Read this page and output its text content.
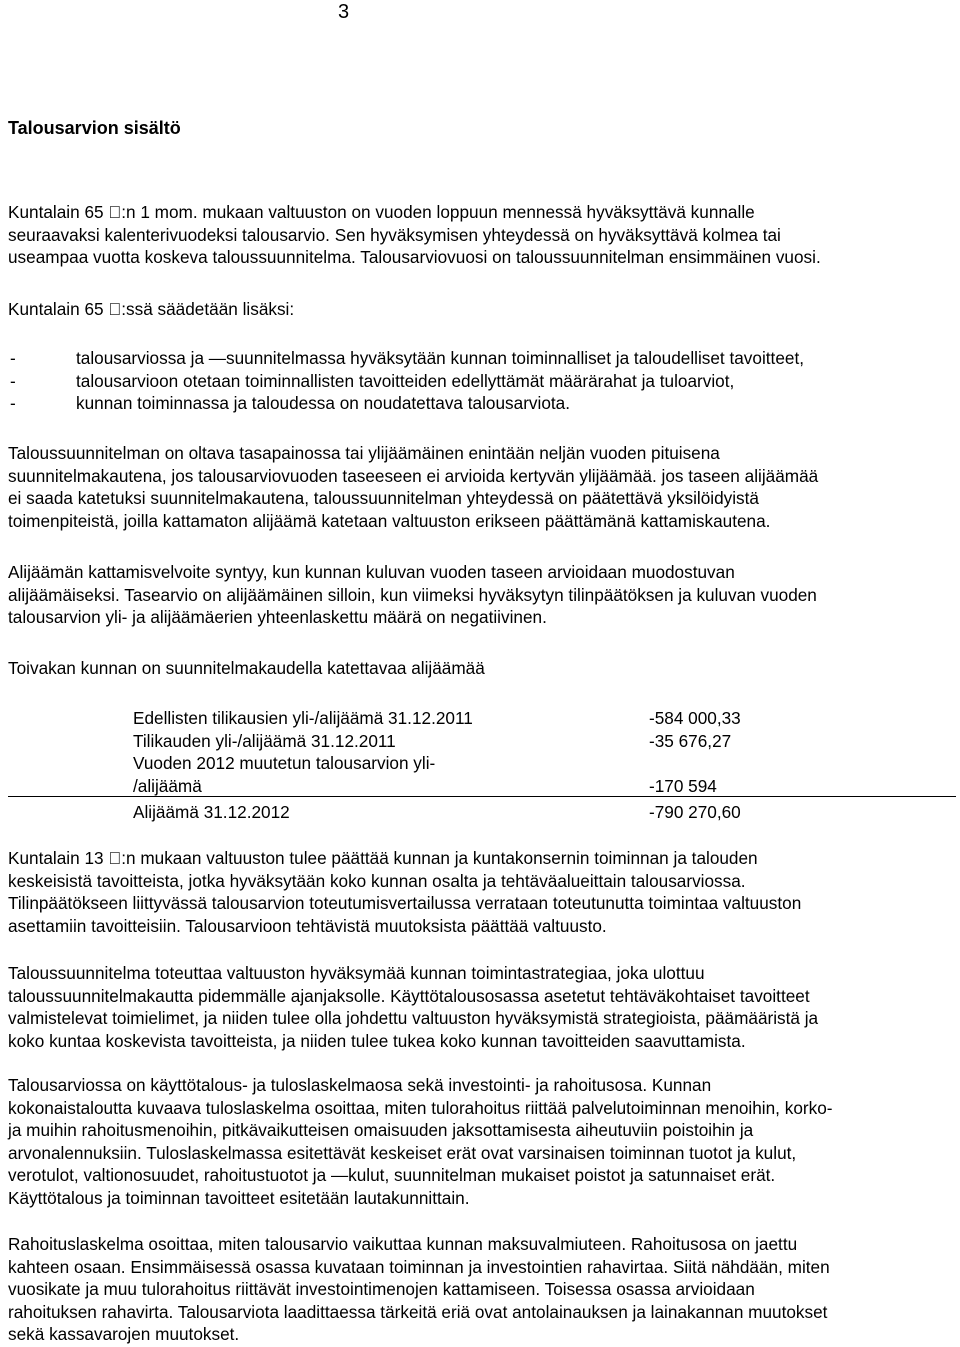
3
Talousarvion sisältö
Kuntalain 65 :n 1 mom. mukaan valtuuston on vuoden loppuun mennessä hyväksyttävä kunnalle
seuraavaksi kalenterivuodeksi talousarvio. Sen hyväksymisen yhteydessä on hyväksyttävä kolmea tai
useampaa vuotta koskeva taloussuunnitelma. Talousarviovuosi on taloussuunnitelman ensimmäinen vuosi.
Kuntalain 65 :ssä säädetään lisäksi:
-	talousarviossa ja —suunnitelmassa hyväksytään kunnan toiminnalliset ja taloudelliset tavoitteet,
-	talousarvioon otetaan toiminnallisten tavoitteiden edellyttämät määrärahat ja tuloarviot,
-	kunnan toiminnassa ja taloudessa on noudatettava talousarviota.
Taloussuunnitelman on oltava tasapainossa tai ylijäämäinen enintään neljän vuoden pituisena
suunnitelmakautena, jos talousarviovuoden taseeseen ei arvioida kertyvän ylijäämää. jos taseen alijäämää
ei saada katetuksi suunnitelmakautena, taloussuunnitelman yhteydessä on päätettävä yksilöidyistä
toimenpiteistä, joilla kattamaton alijäämä katetaan valtuuston erikseen päättämänä kattamiskautena.
Alijäämän kattamisvelvoite syntyy, kun kunnan kuluvan vuoden taseen arvioidaan muodostuvan
alijäämäiseksi. Tasearvio on alijäämäinen silloin, kun viimeksi hyväksytyn tilinpäätöksen ja kuluvan vuoden
talousarvion yli- ja alijäämäerien yhteenlaskettu määrä on negatiivinen.
Toivakan kunnan on suunnitelmakaudella katettavaa alijäämää
Edellisten tilikausien yli-/alijäämä 31.12.2011	-584 000,33
Tilikauden yli-/alijäämä 31.12.2011	-35 676,27
Vuoden 2012 muutetun talousarvion yli-	
/alijäämä	-170 594
Alijäämä 31.12.2012	-790 270,60
Kuntalain 13 :n mukaan valtuuston tulee päättää kunnan ja kuntakonsernin toiminnan ja talouden
keskeisistä tavoitteista, jotka hyväksytään koko kunnan osalta ja tehtäväalueittain talousarviossa.
Tilinpäätökseen liittyvässä talousarvion toteutumisvertailussa verrataan toteutunutta toimintaa valtuuston
asettamiin tavoitteisiin. Talousarvioon tehtävistä muutoksista päättää valtuusto.
Taloussuunnitelma toteuttaa valtuuston hyväksymää kunnan toimintastrategiaa, joka ulottuu
taloussuunnitelmakautta pidemmälle ajanjaksolle. Käyttötalousosassa asetetut tehtäväkohtaiset tavoitteet
valmistelevat toimielimet, ja niiden tulee olla johdettu valtuuston hyväksymistä strategioista, päämääristä ja
koko kuntaa koskevista tavoitteista, ja niiden tulee tukea koko kunnan tavoitteiden saavuttamista.
Talousarviossa on käyttötalous- ja tuloslaskelmaosa sekä investointi- ja rahoitusosa. Kunnan
kokonaistaloutta kuvaava tuloslaskelma osoittaa, miten tulorahoitus riittää palvelutoiminnan menoihin, korko-
ja muihin rahoitusmenoihin, pitkävaikutteisen omaisuuden jaksottamisesta aiheutuviin poistoihin ja
arvonalennuksiin. Tuloslaskelmassa esitettävät keskeiset erät ovat varsinaisen toiminnan tuotot ja kulut,
verotulot, valtionosuudet, rahoitustuotot ja —kulut, suunnitelman mukaiset poistot ja satunnaiset erät.
Käyttötalous ja toiminnan tavoitteet esitetään lautakunnittain.
Rahoituslaskelma osoittaa, miten talousarvio vaikuttaa kunnan maksuvalmiuteen. Rahoitusosa on jaettu
kahteen osaan. Ensimmäisessä osassa kuvataan toiminnan ja investointien rahavirtaa. Siitä nähdään, miten
vuosikate ja muu tulorahoitus riittävät investointimenojen kattamiseen. Toisessa osassa arvioidaan
rahoituksen rahavirta. Talousarviota laadittaessa tärkeitä eriä ovat antolainauksen ja lainakannan muutokset
sekä kassavarojen muutokset.
